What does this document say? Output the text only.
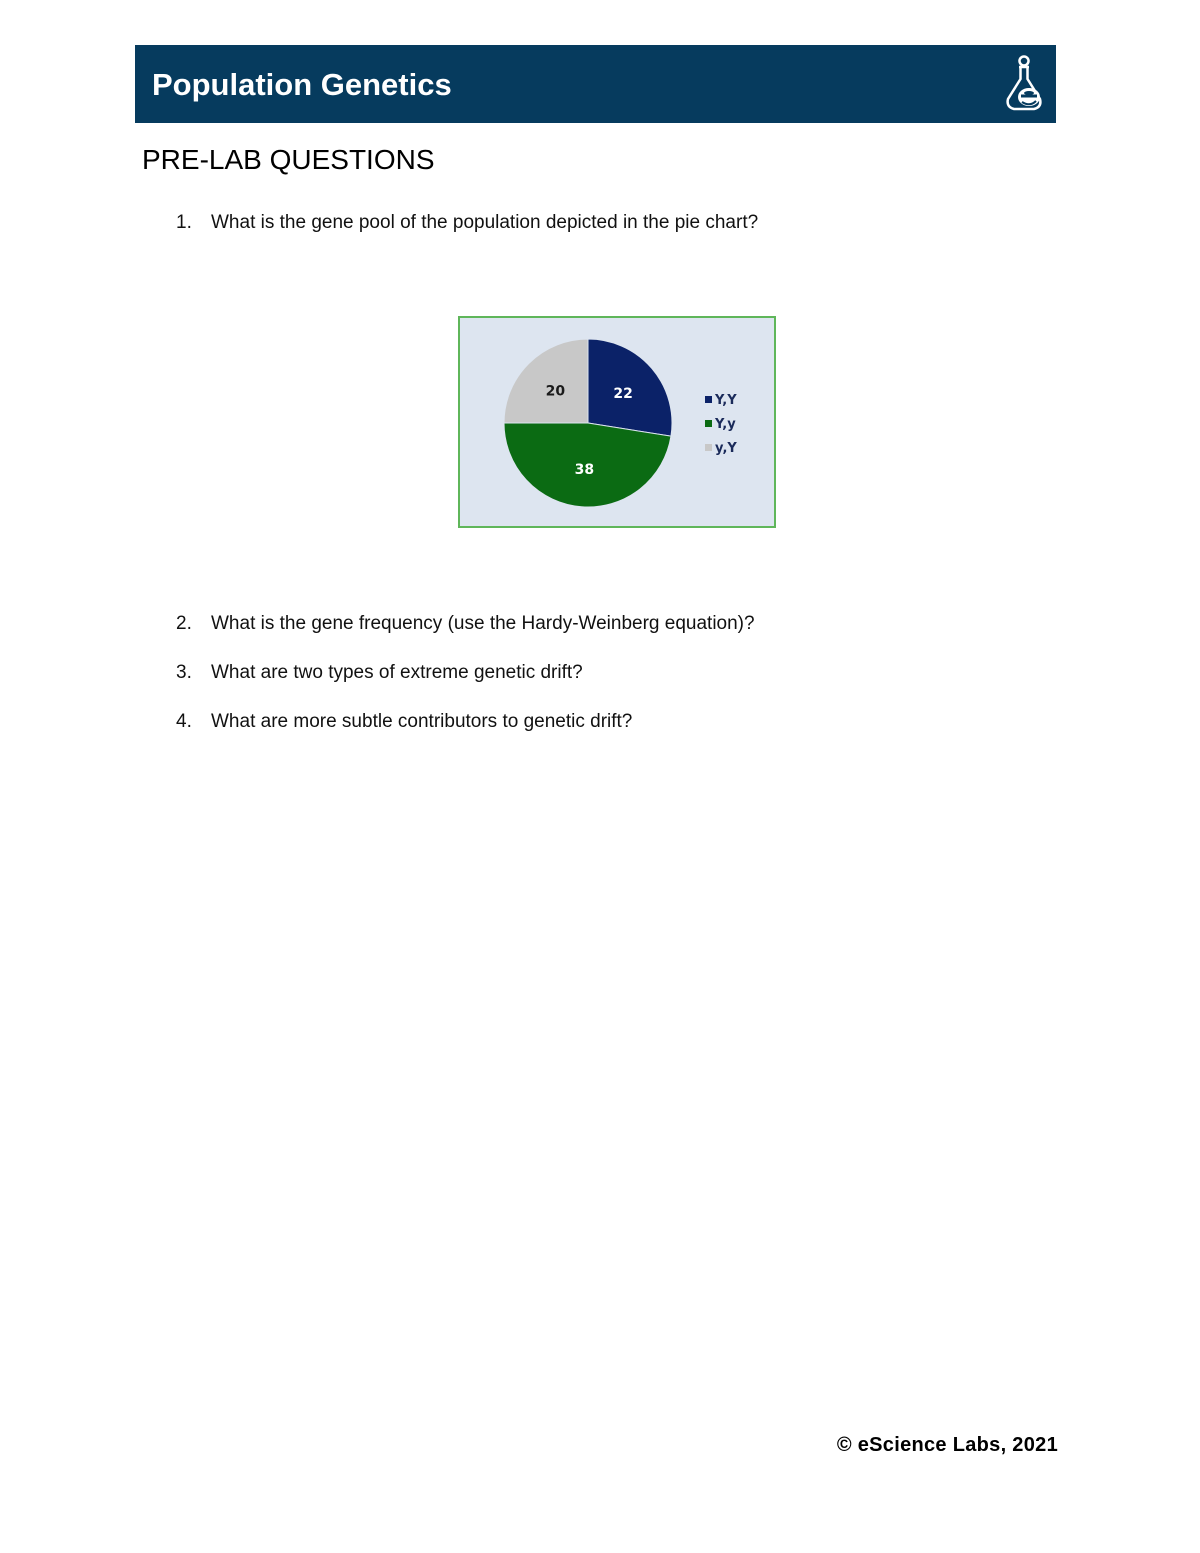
Population Genetics
PRE-LAB QUESTIONS
1. What is the gene pool of the population depicted in the pie chart?
22
38
20
Y,Y
Y,y
y,Y
2. What is the gene frequency (use the Hardy-Weinberg equation)?
3. What are two types of extreme genetic drift?
4. What are more subtle contributors to genetic drift?
© eScience Labs, 2021
